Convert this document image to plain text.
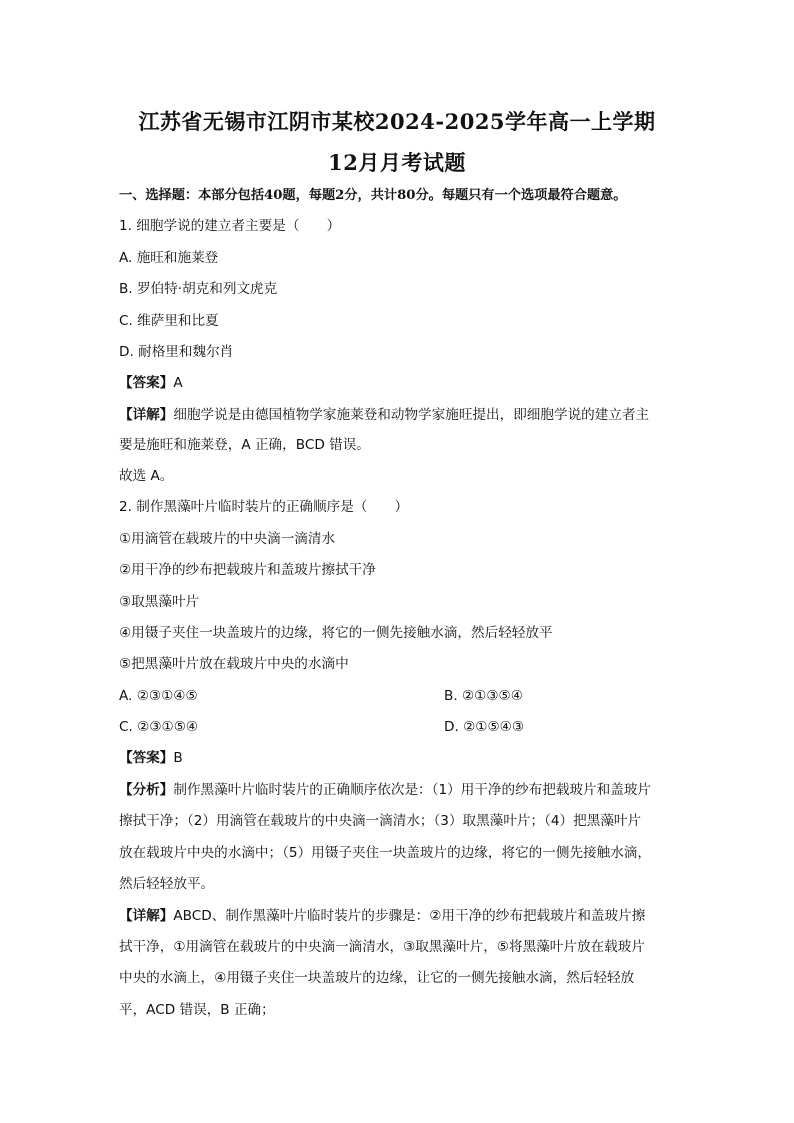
江苏省无锡市江阴市某校2024-2025学年高一上学期
12月月考试题
一、选择题：本部分包括40题，每题2分，共计80分。每题只有一个选项最符合题意。
1. 细胞学说的建立者主要是（　　）
A. 施旺和施莱登
B. 罗伯特·胡克和列文虎克
C. 维萨里和比夏
D. 耐格里和魏尔肖
【答案】A
【详解】细胞学说是由德国植物学家施莱登和动物学家施旺提出，即细胞学说的建立者主
要是施旺和施莱登，A 正确，BCD 错误。
故选 A。
2. 制作黑藻叶片临时装片的正确顺序是（　　）
①用滴管在载玻片的中央滴一滴清水
②用干净的纱布把载玻片和盖玻片擦拭干净
③取黑藻叶片
④用镊子夹住一块盖玻片的边缘，将它的一侧先接触水滴，然后轻轻放平
⑤把黑藻叶片放在载玻片中央的水滴中
A. ②③①④⑤	B. ②①③⑤④
C. ②③①⑤④	D. ②①⑤④③
【答案】B
【分析】制作黑藻叶片临时装片的正确顺序依次是：（1）用干净的纱布把载玻片和盖玻片
擦拭干净；（2）用滴管在载玻片的中央滴一滴清水；（3）取黑藻叶片；（4）把黑藻叶片
放在载玻片中央的水滴中；（5）用镊子夹住一块盖玻片的边缘，将它的一侧先接触水滴，
然后轻轻放平。
【详解】ABCD、制作黑藻叶片临时装片的步骤是：②用干净的纱布把载玻片和盖玻片擦
拭干净，①用滴管在载玻片的中央滴一滴清水，③取黑藻叶片，⑤将黑藻叶片放在载玻片
中央的水滴上，④用镊子夹住一块盖玻片的边缘，让它的一侧先接触水滴，然后轻轻放
平，ACD 错误，B 正确；
